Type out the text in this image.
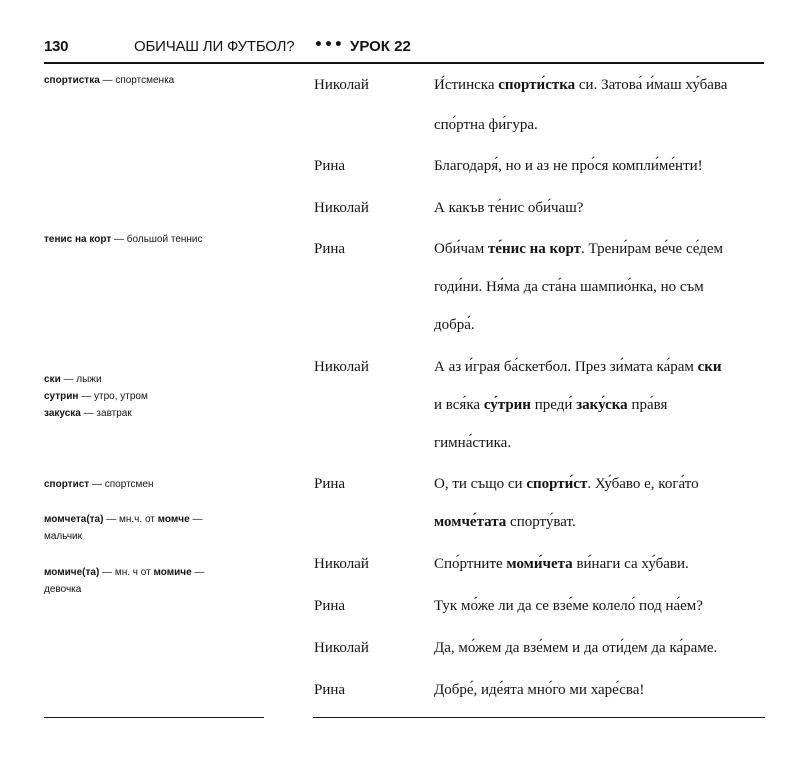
130	ОБИЧАШ ЛИ ФУТБОЛ? ••• УРОК 22
спортистка — спортсменка
тенис на корт — большой теннис
ски — лыжи
сутрин — утро, утром
закуска — завтрак
спортист — спортсмен
момчета(та) — мн.ч. от момче —
мальчик
момиче(та) — мн. ч от момиче —
девочка
Николай	И́стинска спорти́стка си. Затова́ и́маш ху́бава
спо́ртна фи́гура.
Рина	Благодаря́, но и аз не про́ся компли́ме́нти!
Николай	А какъв те́нис оби́чаш?
Рина	Оби́чам те́нис на корт. Трени́рам ве́че се́дем
годи́ни. Ня́ма да ста́на шампио́нка, но съм
добра́.
Николай	А аз и́грая ба́скетбол. През зи́мата ка́рам ски
и вся́ка су́трин преди́ заку́ска пра́вя
гимна́стика.
Рина	О, ти също си спорти́ст. Ху́баво е, кога́то
момче́тата спорту́ват.
Николай	Спо́ртните моми́чета ви́наги са ху́бави.
Рина	Тук мо́же ли да се взе́ме колело́ под на́ем?
Николай	Да, мо́жем да взе́мем и да оти́дем да ка́раме.
Рина	Добре́, иде́ята мно́го ми харе́сва!
